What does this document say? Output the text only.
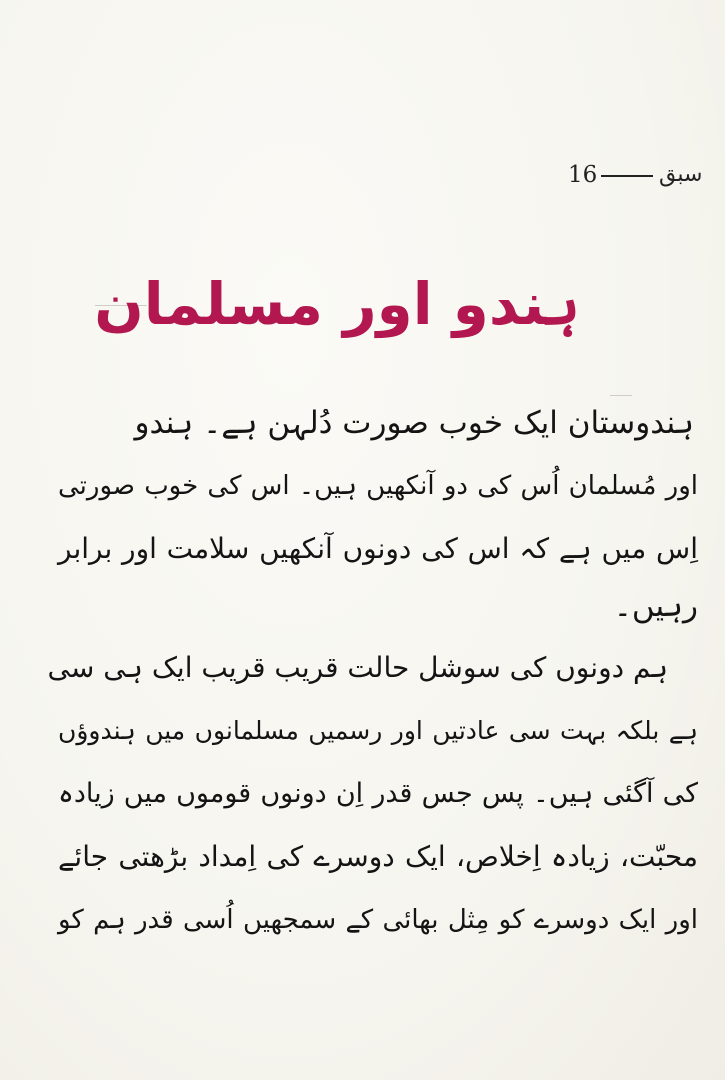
16	سبق
ہندو اور مسلمان
ہندوستان ایک خوب صورت دُلہن ہے۔ ہندو
اور مُسلمان اُس کی دو آنکھیں ہیں۔ اس کی خوب صورتی
اِس میں ہے کہ اس کی دونوں آنکھیں سلامت اور برابر
رہیں۔
ہم دونوں کی سوشل حالت قریب قریب ایک ہی سی
ہے بلکہ بہت سی عادتیں اور رسمیں مسلمانوں میں ہندوؤں
کی آگئی ہیں۔ پس جس قدر اِن دونوں قوموں میں زیادہ
محبّت، زیادہ اِخلاص، ایک دوسرے کی اِمداد بڑھتی جائے
اور ایک دوسرے کو مِثل بھائی کے سمجھیں اُسی قدر ہم کو
